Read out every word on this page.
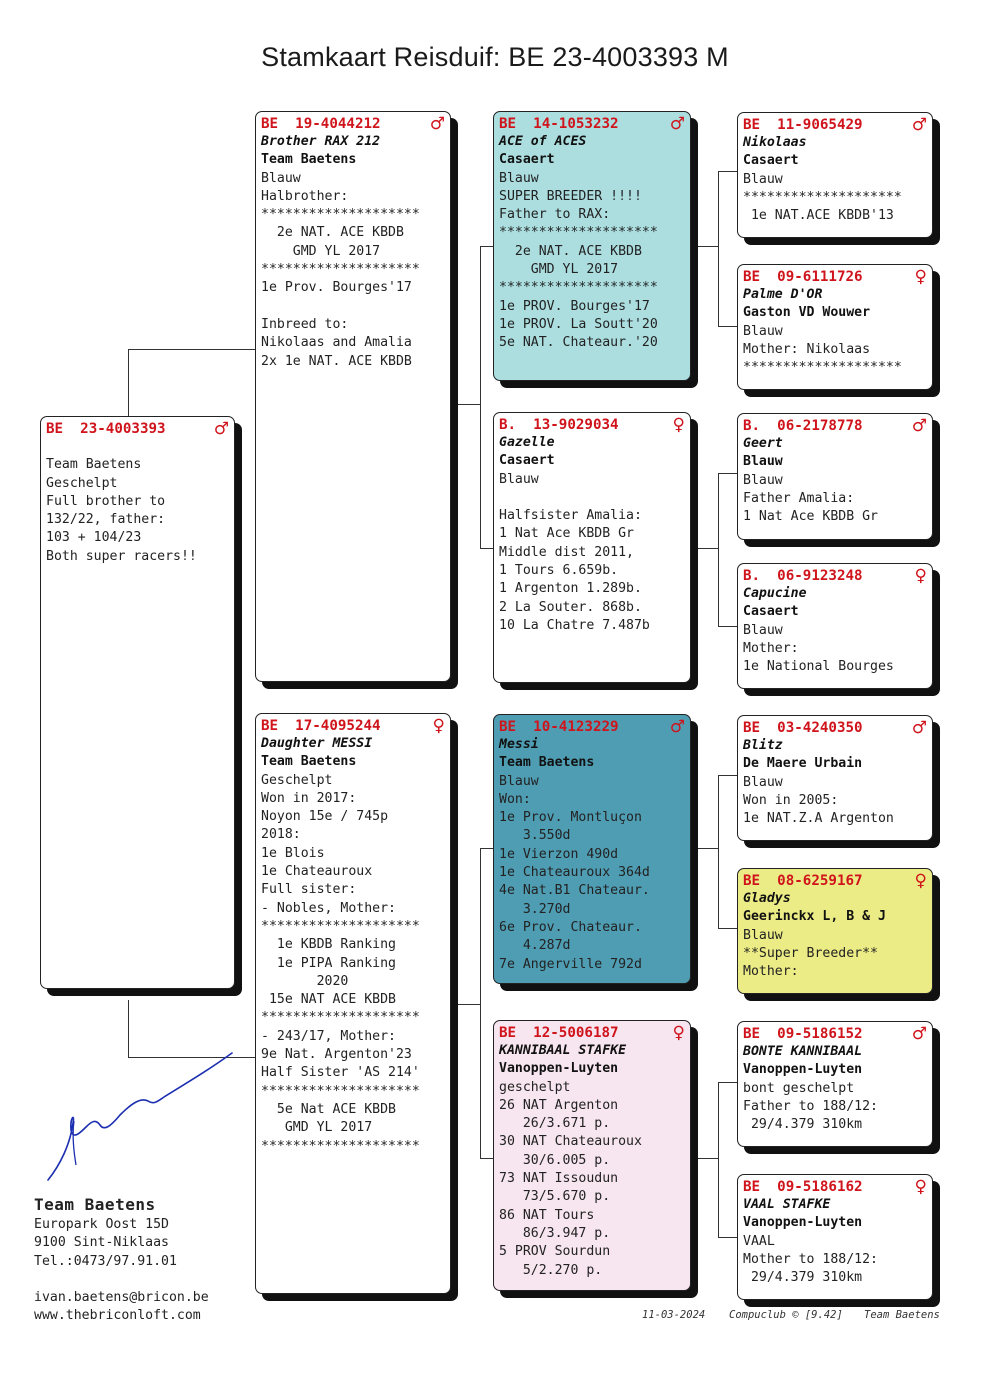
Stamkaart Reisduif: BE 23-4003393 M
BE  23-4003393	♂

Team Baetens
Geschelpt
Full brother to
132/22, father:
103 + 104/23
Both super racers!!
BE  19-4044212	♂
Brother RAX 212
Team Baetens
Blauw
Halbrother:
********************
2e NAT. ACE KBDB
GMD YL 2017
********************
1e Prov. Bourges'17

Inbreed to:
Nikolaas and Amalia
2x 1e NAT. ACE KBDB
BE  17-4095244	♀
Daughter MESSI
Team Baetens
Geschelpt
Won in 2017:
Noyon 15e / 745p
2018:
1e Blois
1e Chateauroux
Full sister:
- Nobles, Mother:
********************
1e KBDB Ranking
1e PIPA Ranking
2020
15e NAT ACE KBDB
********************
- 243/17, Mother:
9e Nat. Argenton'23
Half Sister 'AS 214'
********************
5e Nat ACE KBDB
GMD YL 2017
********************
BE  14-1053232	♂
ACE of ACES
Casaert
Blauw
SUPER BREEDER !!!!
Father to RAX:
********************
2e NAT. ACE KBDB
GMD YL 2017
********************
1e PROV. Bourges'17
1e PROV. La Soutt'20
5e NAT. Chateaur.'20
B.  13-9029034	♀
Gazelle
Casaert
Blauw

Halfsister Amalia:
1 Nat Ace KBDB Gr
Middle dist 2011,
1 Tours 6.659b.
1 Argenton 1.289b.
2 La Souter. 868b.
10 La Chatre 7.487b
BE  10-4123229	♂
Messi
Team Baetens
Blauw
Won:
1e Prov. Montluçon
3.550d
1e Vierzon 490d
1e Chateauroux 364d
4e Nat.B1 Chateaur.
3.270d
6e Prov. Chateaur.
4.287d
7e Angerville 792d
BE  12-5006187	♀
KANNIBAAL STAFKE
Vanoppen-Luyten
geschelpt
26 NAT Argenton
26/3.671 p.
30 NAT Chateauroux
30/6.005 p.
73 NAT Issoudun
73/5.670 p.
86 NAT Tours
86/3.947 p.
5 PROV Sourdun
5/2.270 p.
BE  11-9065429	♂
Nikolaas
Casaert
Blauw
********************
1e NAT.ACE KBDB'13
BE  09-6111726	♀
Palme D'OR
Gaston VD Wouwer
Blauw
Mother: Nikolaas
********************
B.  06-2178778	♂
Geert
Blauw
Blauw
Father Amalia:
1 Nat Ace KBDB Gr
B.  06-9123248	♀
Capucine
Casaert
Blauw
Mother:
1e National Bourges
BE  03-4240350	♂
Blitz
De Maere Urbain
Blauw
Won in 2005:
1e NAT.Z.A Argenton
BE  08-6259167	♀
Gladys
Geerinckx L, B & J
Blauw
**Super Breeder**
Mother:
BE  09-5186152	♂
BONTE KANNIBAAL
Vanoppen-Luyten
bont geschelpt
Father to 188/12:
29/4.379 310km
BE  09-5186162	♀
VAAL STAFKE
Vanoppen-Luyten
VAAL
Mother to 188/12:
29/4.379 310km
Team Baetens
Europark Oost 15D
9100 Sint-Niklaas
Tel.:0473/97.91.01
ivan.baetens@bricon.be
www.thebriconloft.com	11-03-2024 Compuclub © [9.42] Team Baetens
